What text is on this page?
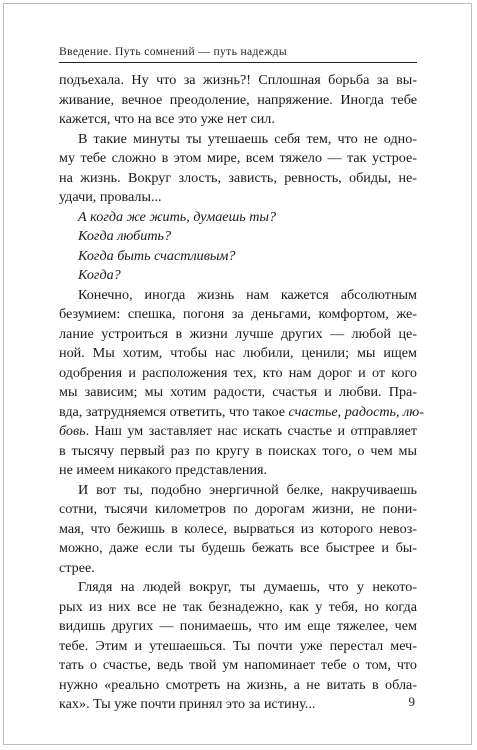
Введение. Путь сомнений — путь надежды
подъехала. Ну что за жизнь?! Сплошная борьба за вы-
живание, вечное преодоление, напряжение. Иногда тебе
кажется, что на все это уже нет сил.
В такие минуты ты утешаешь себя тем, что не одно-
му тебе сложно в этом мире, всем тяжело — так устрое-
на жизнь. Вокруг злость, зависть, ревность, обиды, не-
удачи, провалы...
А когда же жить, думаешь ты?
Когда любить?
Когда быть счастливым?
Когда?
Конечно, иногда жизнь нам кажется абсолютным
безумием: спешка, погоня за деньгами, комфортом, же-
лание устроиться в жизни лучше других — любой це-
ной. Мы хотим, чтобы нас любили, ценили; мы ищем
одобрения и расположения тех, кто нам дорог и от кого
мы зависим; мы хотим радости, счастья и любви. Пра-
вда, затрудняемся ответить, что такое счастье, радость, лю-
бовь. Наш ум заставляет нас искать счастье и отправляет
в тысячу первый раз по кругу в поисках того, о чем мы
не имеем никакого представления.
И вот ты, подобно энергичной белке, накручиваешь
сотни, тысячи километров по дорогам жизни, не пони-
мая, что бежишь в колесе, вырваться из которого невоз-
можно, даже если ты будешь бежать все быстрее и бы-
стрее.
Глядя на людей вокруг, ты думаешь, что у некото-
рых из них все не так безнадежно, как у тебя, но когда
видишь других — понимаешь, что им еще тяжелее, чем
тебе. Этим и утешаешься. Ты почти уже перестал меч-
тать о счастье, ведь твой ум напоминает тебе о том, что
нужно «реально смотреть на жизнь, а не витать в обла-
ках». Ты уже почти принял это за истину...	9
